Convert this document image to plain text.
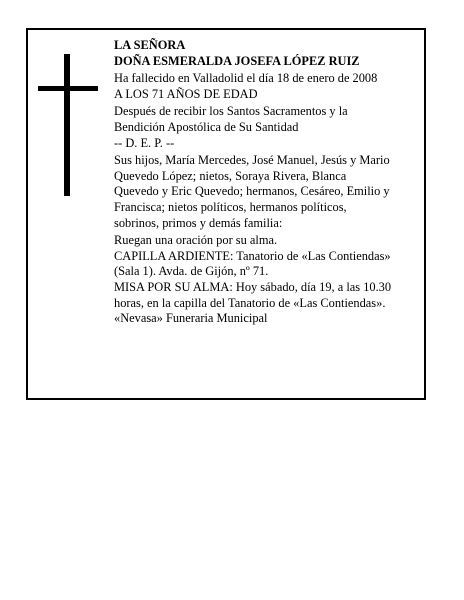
LA SEÑORA
DOÑA ESMERALDA JOSEFA LÓPEZ RUIZ
Ha fallecido en Valladolid el día 18 de enero de 2008
A LOS 71 AÑOS DE EDAD
Después de recibir los Santos Sacramentos y la
Bendición Apostólica de Su Santidad
-- D. E. P. --
Sus hijos, María Mercedes, José Manuel, Jesús y Mario
Quevedo López; nietos, Soraya Rivera, Blanca
Quevedo y Eric Quevedo; hermanos, Cesáreo, Emilio y
Francisca; nietos políticos, hermanos políticos,
sobrinos, primos y demás familia:
Ruegan una oración por su alma.
CAPILLA ARDIENTE: Tanatorio de «Las Contiendas»
(Sala 1). Avda. de Gijón, nº 71.
MISA POR SU ALMA: Hoy sábado, día 19, a las 10.30
horas, en la capilla del Tanatorio de «Las Contiendas».
«Nevasa» Funeraria Municipal
